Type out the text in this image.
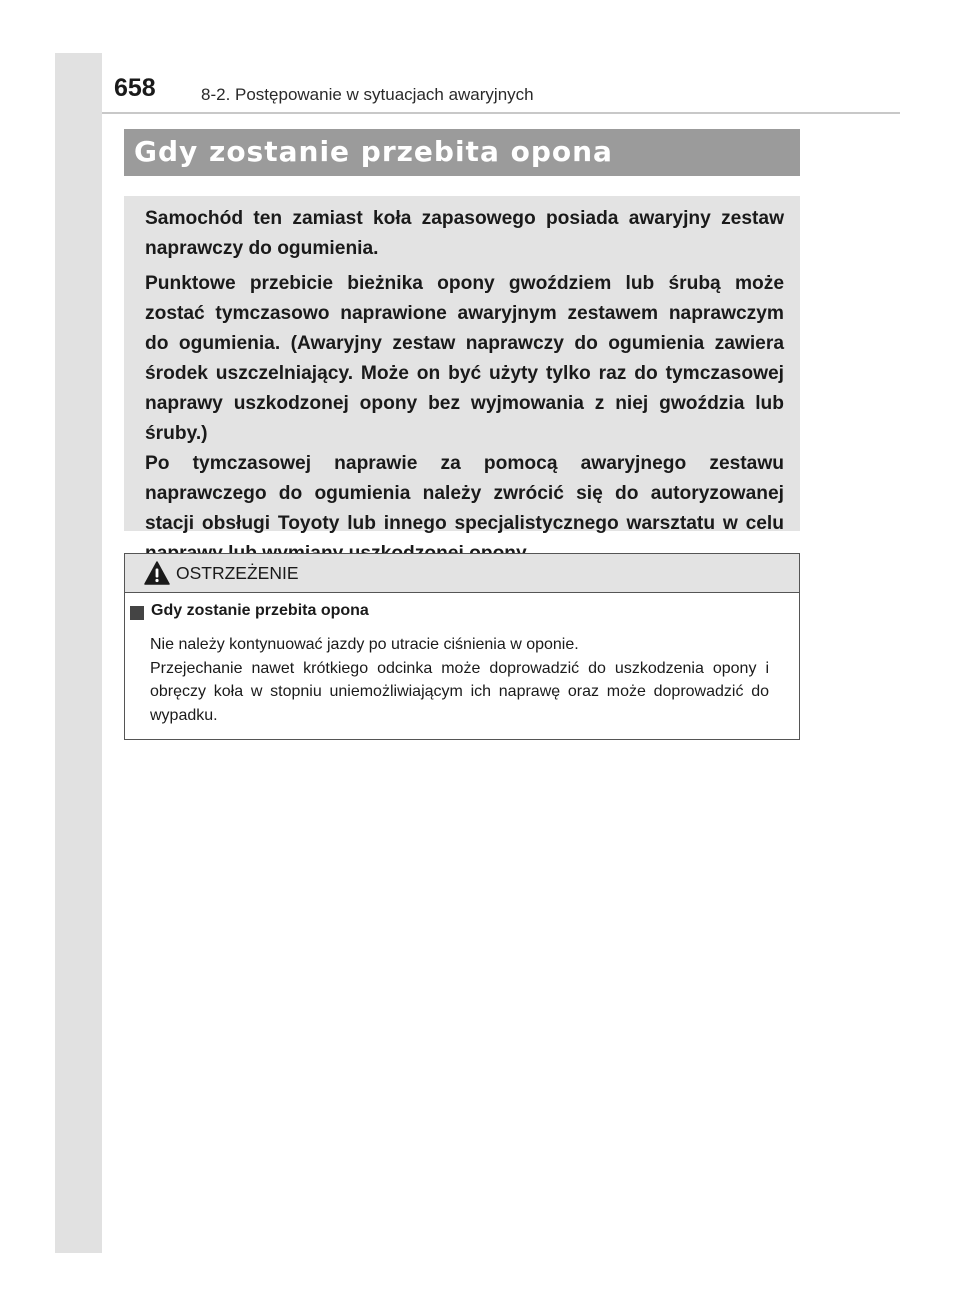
658	8-2. Postępowanie w sytuacjach awaryjnych
Gdy zostanie przebita opona

Samochód ten zamiast koła zapasowego posiada awaryjny zestaw naprawczy do ogumienia.

Punktowe przebicie bieżnika opony gwoździem lub śrubą może zostać tymczasowo naprawione awaryjnym zestawem naprawczym do ogumienia. (Awaryjny zestaw naprawczy do ogumienia zawiera środek uszczelniający. Może on być użyty tylko raz do tymczasowej naprawy uszkodzonej opony bez wyjmowania z niej gwoździa lub śruby.)

Po tymczasowej naprawie za pomocą awaryjnego zestawu naprawczego do ogumienia należy zwrócić się do autoryzowanej stacji obsługi Toyoty lub innego specjalistycznego warsztatu w celu

OSTRZEŻENIE
Gdy zostanie przebita opona

Nie należy kontynuować jazdy po utracie ciśnienia w oponie.

Przejechanie nawet krótkiego odcinka może doprowadzić do uszkodzenia opony i obręczy koła w stopniu uniemożliwiającym ich naprawę oraz może doprowadzić do wypadku.
